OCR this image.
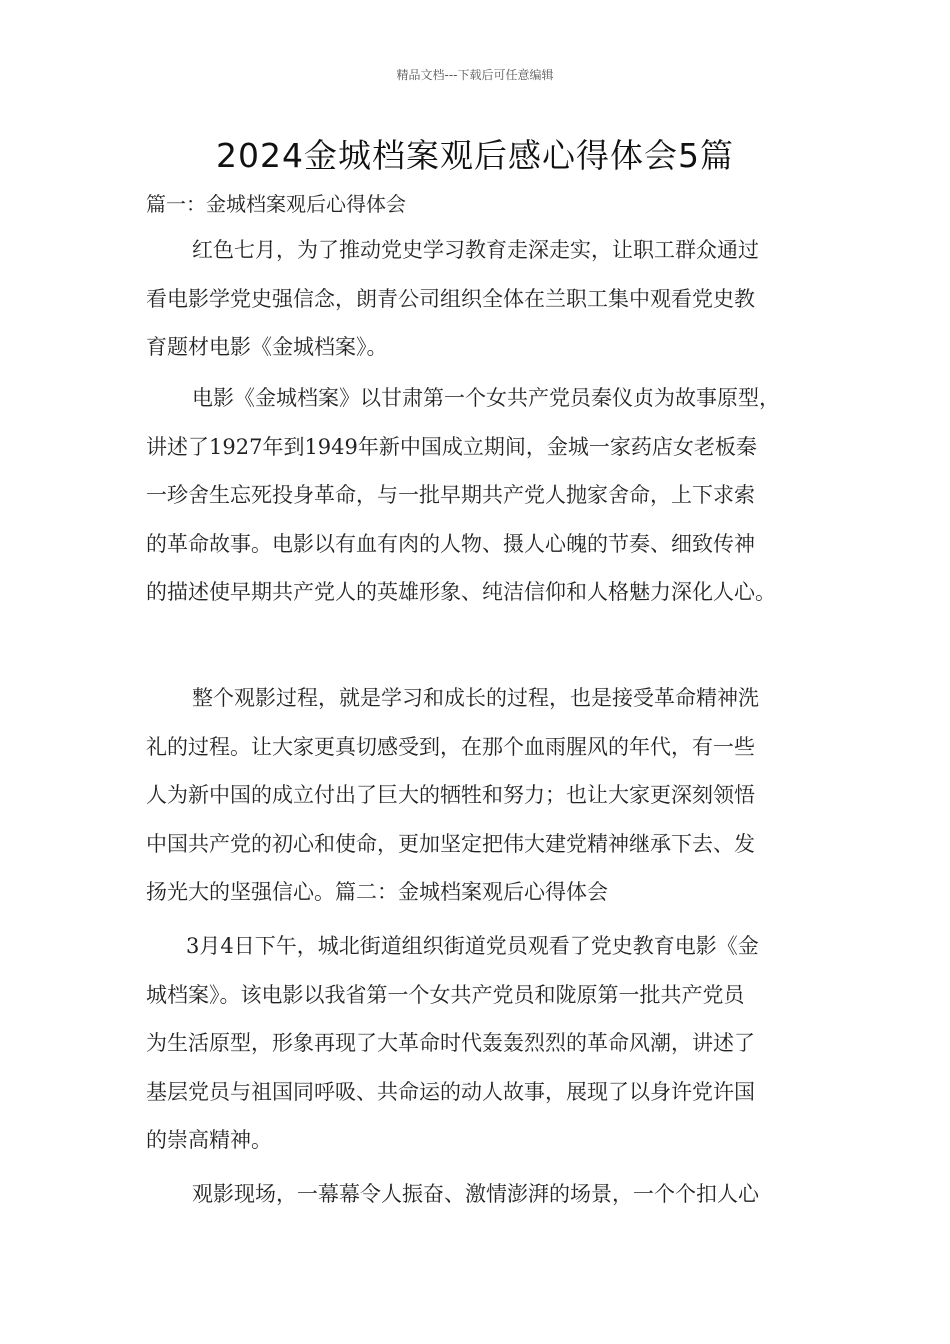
精品文档---下载后可任意编辑
2024金城档案观后感心得体会5篇
篇一：金城档案观后心得体会
红色七月，为了推动党史学习教育走深走实，让职工群众通过
看电影学党史强信念，朗青公司组织全体在兰职工集中观看党史教
育题材电影《金城档案》。
电影《金城档案》以甘肃第一个女共产党员秦仪贞为故事原型，
讲述了1927年到1949年新中国成立期间，金城一家药店女老板秦
一珍舍生忘死投身革命，与一批早期共产党人抛家舍命，上下求索
的革命故事。电影以有血有肉的人物、摄人心魄的节奏、细致传神
的描述使早期共产党人的英雄形象、纯洁信仰和人格魅力深化人心。
整个观影过程，就是学习和成长的过程，也是接受革命精神洗
礼的过程。让大家更真切感受到，在那个血雨腥风的年代，有一些
人为新中国的成立付出了巨大的牺牲和努力；也让大家更深刻领悟
中国共产党的初心和使命，更加坚定把伟大建党精神继承下去、发
扬光大的坚强信心。篇二：金城档案观后心得体会
3月4日下午，城北街道组织街道党员观看了党史教育电影《金
城档案》。该电影以我省第一个女共产党员和陇原第一批共产党员
为生活原型，形象再现了大革命时代轰轰烈烈的革命风潮，讲述了
基层党员与祖国同呼吸、共命运的动人故事，展现了以身许党许国
的崇高精神。
观影现场，一幕幕令人振奋、激情澎湃的场景，一个个扣人心
